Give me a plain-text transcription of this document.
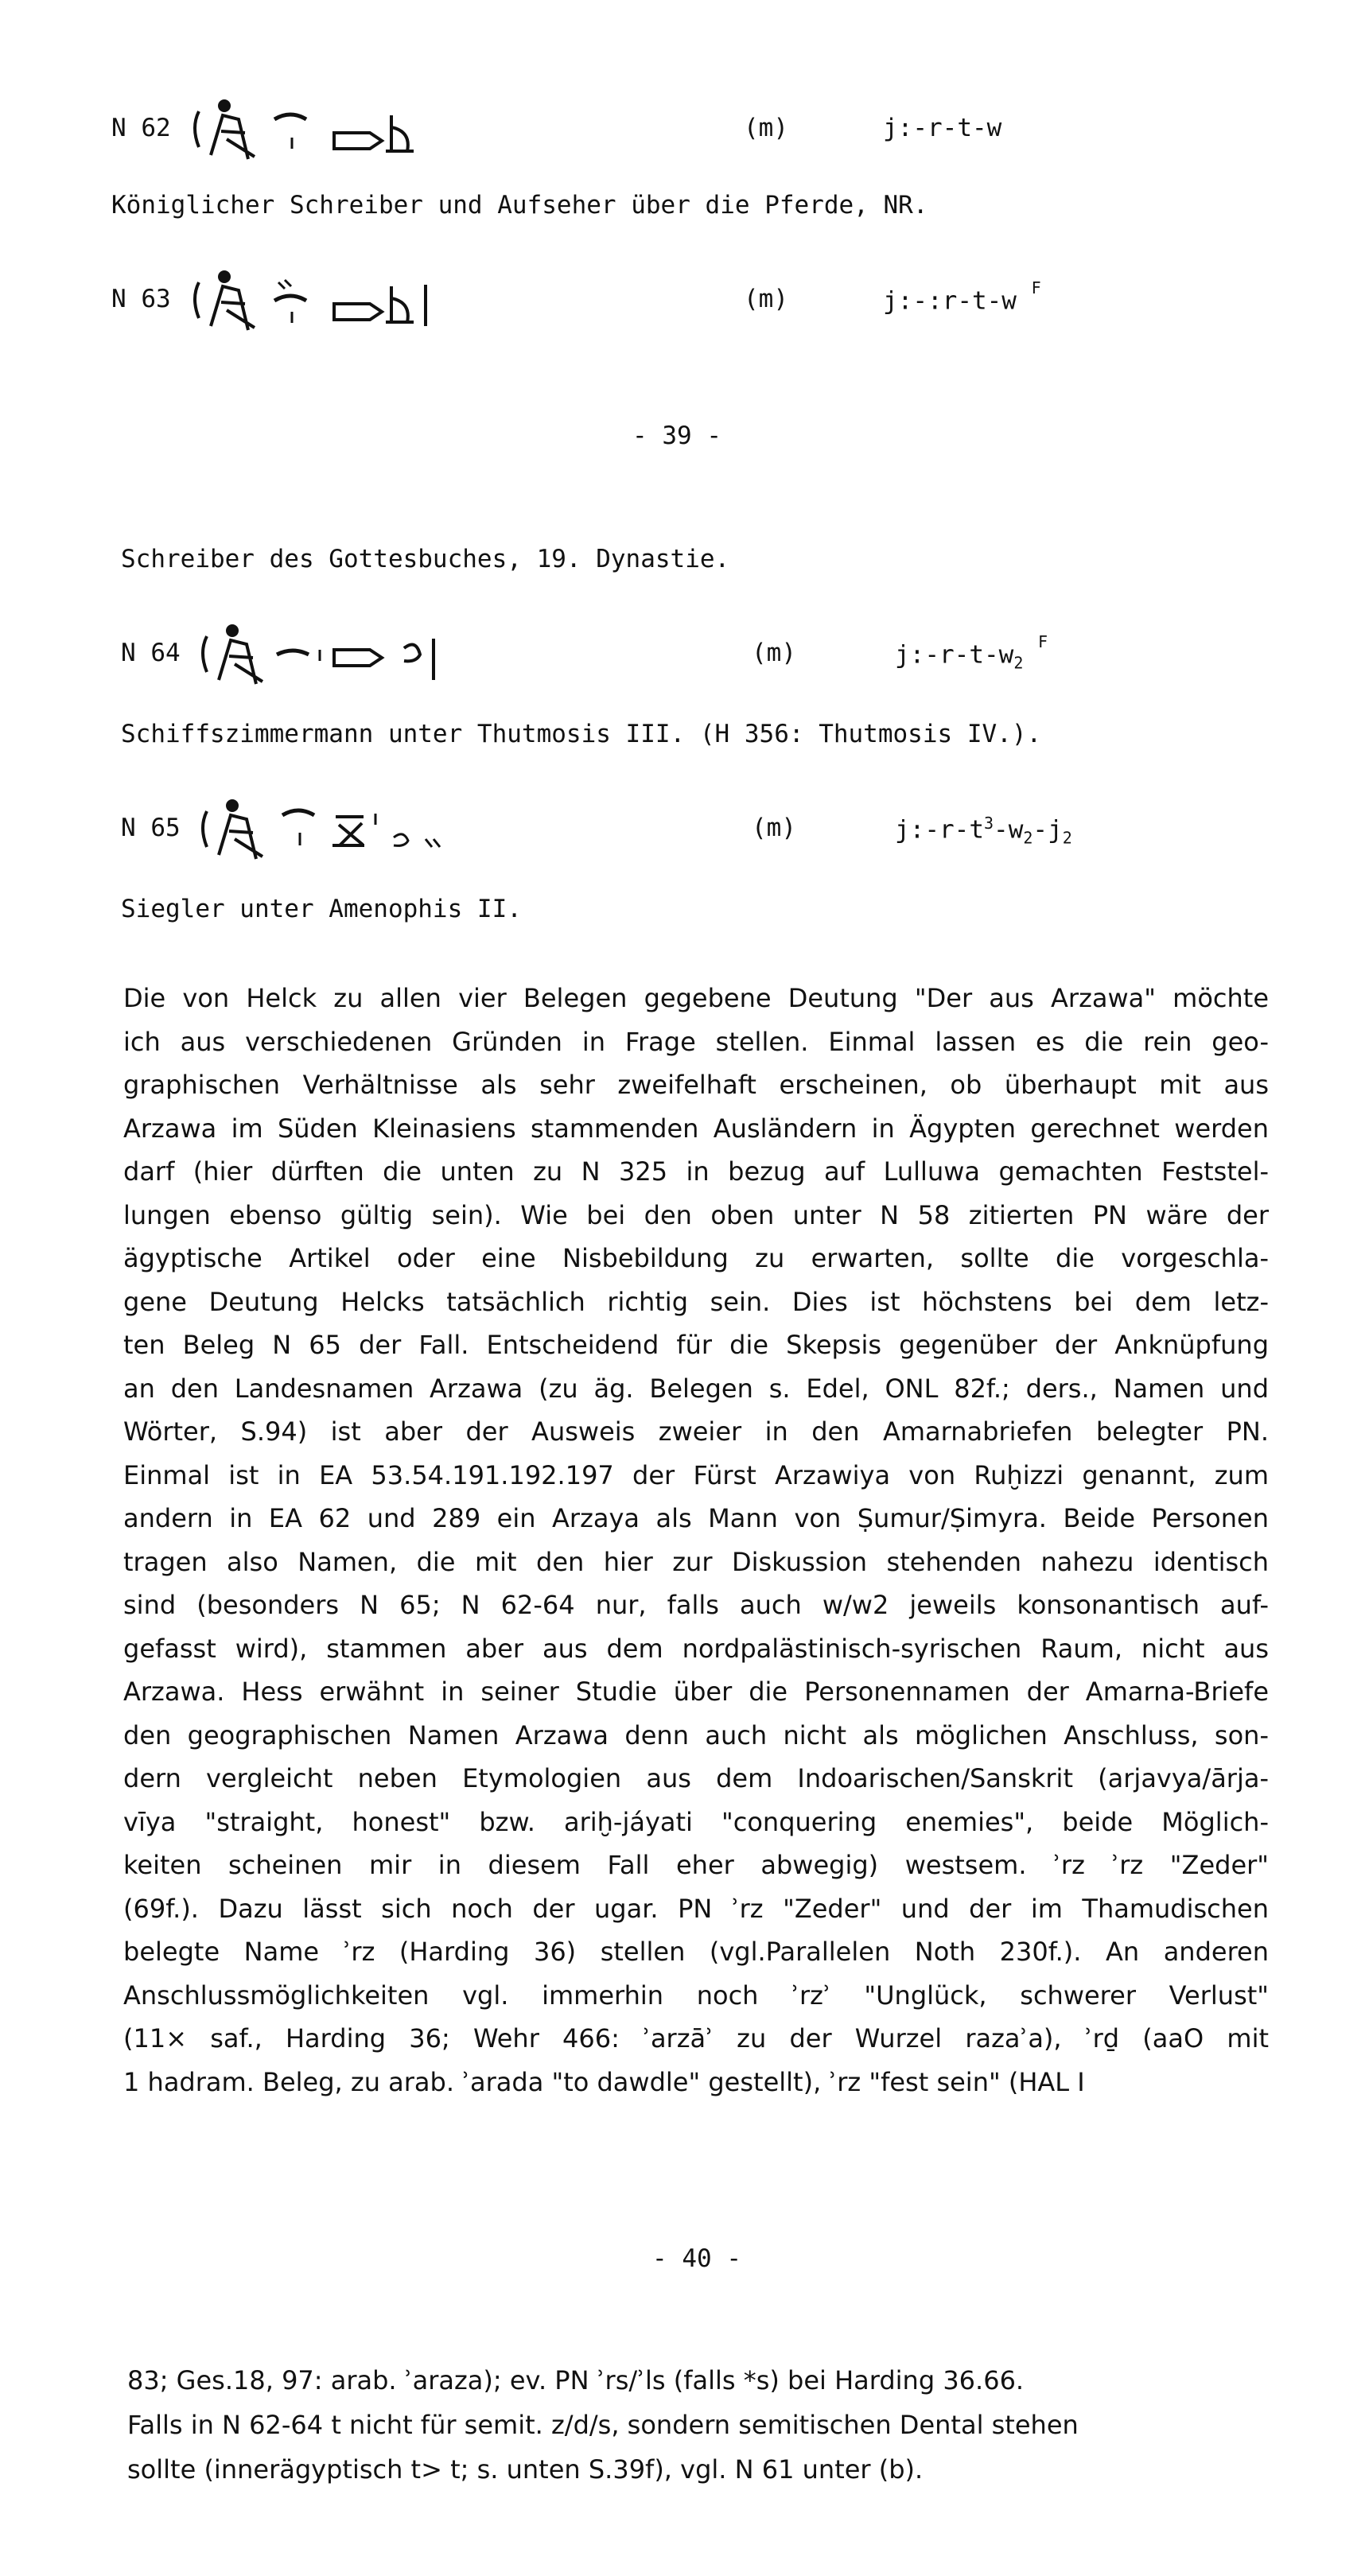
N 62	(m)	j:-r-t-w
Königlicher Schreiber und Aufseher über die Pferde, NR.
N 63	(m)	j:-:r-t-w $^F$
- 39 -
Schreiber des Gottesbuches, 19. Dynastie.
N 64	(m)	$j:-r-t-w_2$ $^F$
Schiffszimmermann unter Thutmosis III. (H 356: Thutmosis IV.).
N 65	(m)	$j:-r-t^3-w_2-j_2$
Siegler unter Amenophis II.
Die von Helck zu allen vier Belegen gegebene Deutung "Der aus Arzawa" möchte
ich aus verschiedenen Gründen in Frage stellen. Einmal lassen es die rein geo-
graphischen Verhältnisse als sehr zweifelhaft erscheinen, ob überhaupt mit aus
Arzawa im Süden Kleinasiens stammenden Ausländern in Ägypten gerechnet werden
darf (hier dürften die unten zu N 325 in bezug auf Lulluwa gemachten Feststel-
lungen ebenso gültig sein). Wie bei den oben unter N 58 zitierten PN wäre der
ägyptische Artikel oder eine Nisbebildung zu erwarten, sollte die vorgeschla-
gene Deutung Helcks tatsächlich richtig sein. Dies ist höchstens bei dem letz-
ten Beleg N 65 der Fall. Entscheidend für die Skepsis gegenüber der Anknüpfung
an den Landesnamen Arzawa (zu äg. Belegen s. Edel, ONL 82f.; ders., Namen und
Wörter, S.94) ist aber der Ausweis zweier in den Amarnabriefen belegter PN.
Einmal ist in EA 53.54.191.192.197 der Fürst Arzawiya von Ruḫizzi genannt, zum
andern in EA 62 und 289 ein Arzaya als Mann von Ṣumur/Ṣimyra. Beide Personen
tragen also Namen, die mit den hier zur Diskussion stehenden nahezu identisch
sind (besonders N 65; N 62-64 nur, falls auch w/w2 jeweils konsonantisch auf-
gefasst wird), stammen aber aus dem nordpalästinisch-syrischen Raum, nicht aus
Arzawa. Hess erwähnt in seiner Studie über die Personennamen der Amarna-Briefe
den geographischen Namen Arzawa denn auch nicht als möglichen Anschluss, son-
dern vergleicht neben Etymologien aus dem Indoarischen/Sanskrit (arjavya/ārja-
vīya "straight, honest" bzw. ariḫ-jáyati "conquering enemies", beide Möglich-
keiten scheinen mir in diesem Fall eher abwegig) westsem. ʾrz ʾrz "Zeder"
(69f.). Dazu lässt sich noch der ugar. PN ʾrz "Zeder" und der im Thamudischen
belegte Name ʾrz (Harding 36) stellen (vgl.Parallelen Noth 230f.). An anderen
Anschlussmöglichkeiten vgl. immerhin noch ʾrzʾ "Unglück, schwerer Verlust"
(11× saf., Harding 36; Wehr 466: ʾarzāʾ zu der Wurzel razaʾa), ʾrḏ (aaO mit
1 hadram. Beleg, zu arab. ʾarada "to dawdle" gestellt), ʾrz "fest sein" (HAL I
- 40 -
83; Ges.18, 97: arab. ʾaraza); ev. PN ʾrs/ʾls (falls *s) bei Harding 36.66.
Falls in N 62-64 t nicht für semit. z/d/s, sondern semitischen Dental stehen
sollte (innerägyptisch t> t; s. unten S.39f), vgl. N 61 unter (b).
